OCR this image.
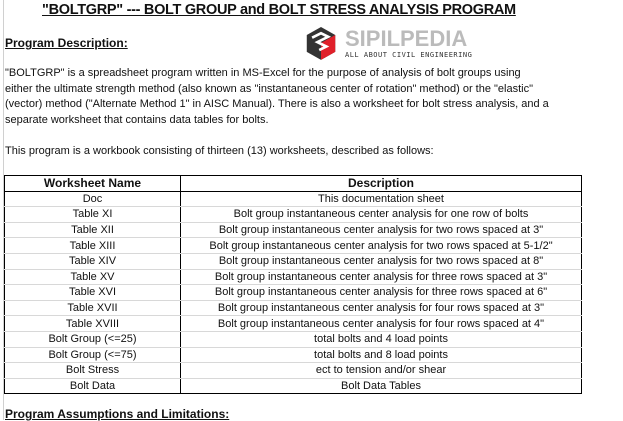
"BOLTGRP" --- BOLT GROUP and BOLT STRESS ANALYSIS PROGRAM
Program Description:
"BOLTGRP" is a spreadsheet program written in MS-Excel for the purpose of analysis of bolt groups using
either the ultimate strength method (also known as "instantaneous center of rotation" method) or the "elastic"
(vector) method ("Alternate Method 1" in AISC Manual). There is also a worksheet for bolt stress analysis, and a
separate worksheet that contains data tables for bolts.
This program is a workbook consisting of thirteen (13) worksheets, described as follows:
Worksheet Name	Description
Doc	This documentation sheet
Table XI	Bolt group instantaneous center analysis for one row of bolts
Table XII	Bolt group instantaneous center analysis for two rows spaced at 3"
Table XIII	Bolt group instantaneous center analysis for two rows spaced at 5-1/2"
Table XIV	Bolt group instantaneous center analysis for two rows spaced at 8"
Table XV	Bolt group instantaneous center analysis for three rows spaced at 3"
Table XVI	Bolt group instantaneous center analysis for three rows spaced at 6"
Table XVII	Bolt group instantaneous center analysis for four rows spaced at 3"
Table XVIII	Bolt group instantaneous center analysis for four rows spaced at 4"
Bolt Group (<=25)	total bolts and 4 load points
Bolt Group (<=75)	total bolts and 8 load points
Bolt Stress	ect to tension and/or shear
Bolt Data	Bolt Data Tables
SIPILPEDIA
ALL ABOUT CIVIL ENGINEERING
Program Assumptions and Limitations:
